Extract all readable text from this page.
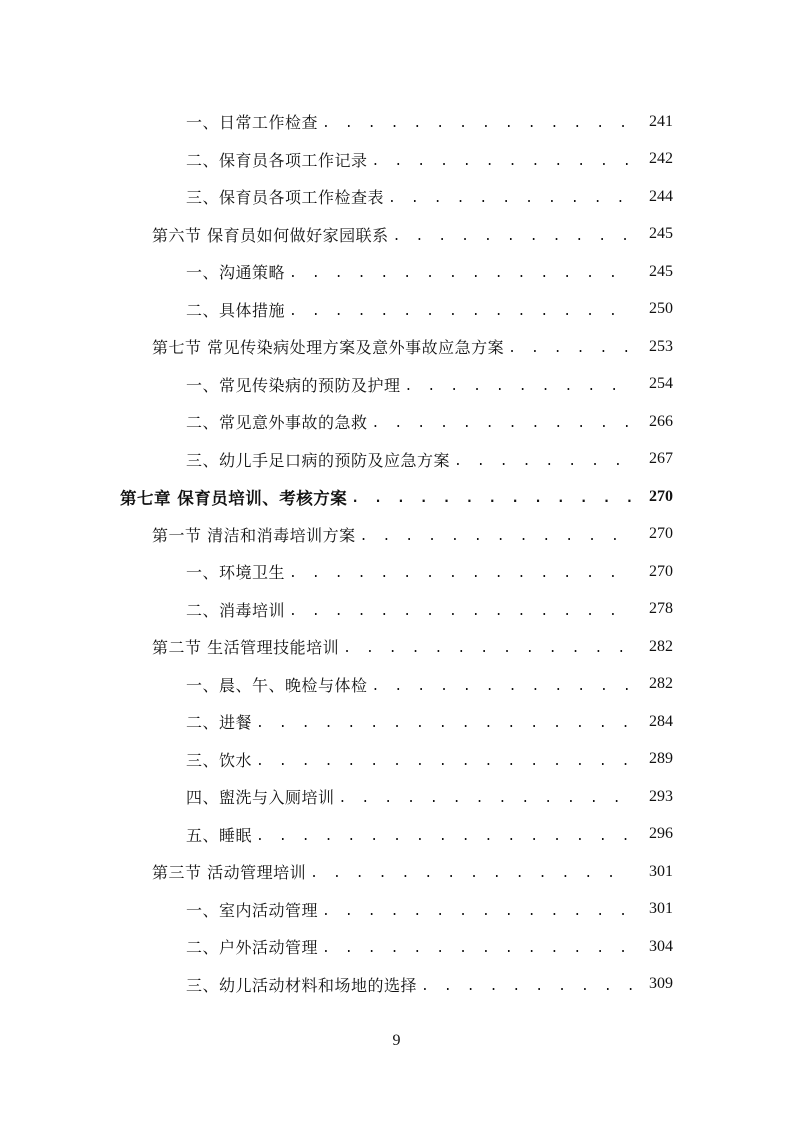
一、日常工作检查 . . .	241
二、保育员各项工作记录 . . .	242
三、保育员各项工作检查表 . . .	244
第六节 保育员如何做好家园联系 . . .	245
一、沟通策略 . . .	245
二、具体措施 . . .	250
第七节 常见传染病处理方案及意外事故应急方案 . . .	253
一、常见传染病的预防及护理 . . .	254
二、常见意外事故的急救 . . .	266
三、幼儿手足口病的预防及应急方案 . . .	267
第七章 保育员培训、考核方案 . . .	270
第一节 清洁和消毒培训方案 . . .	270
一、环境卫生 . . .	270
二、消毒培训 . . .	278
第二节 生活管理技能培训 . . .	282
一、晨、午、晚检与体检 . . .	282
二、进餐 . . .	284
三、饮水 . . .	289
四、盥洗与入厕培训 . . .	293
五、睡眠 . . .	296
第三节 活动管理培训 . . .	301
一、室内活动管理 . . .	301
二、户外活动管理 . . .	304
三、幼儿活动材料和场地的选择 . . .	309
9
